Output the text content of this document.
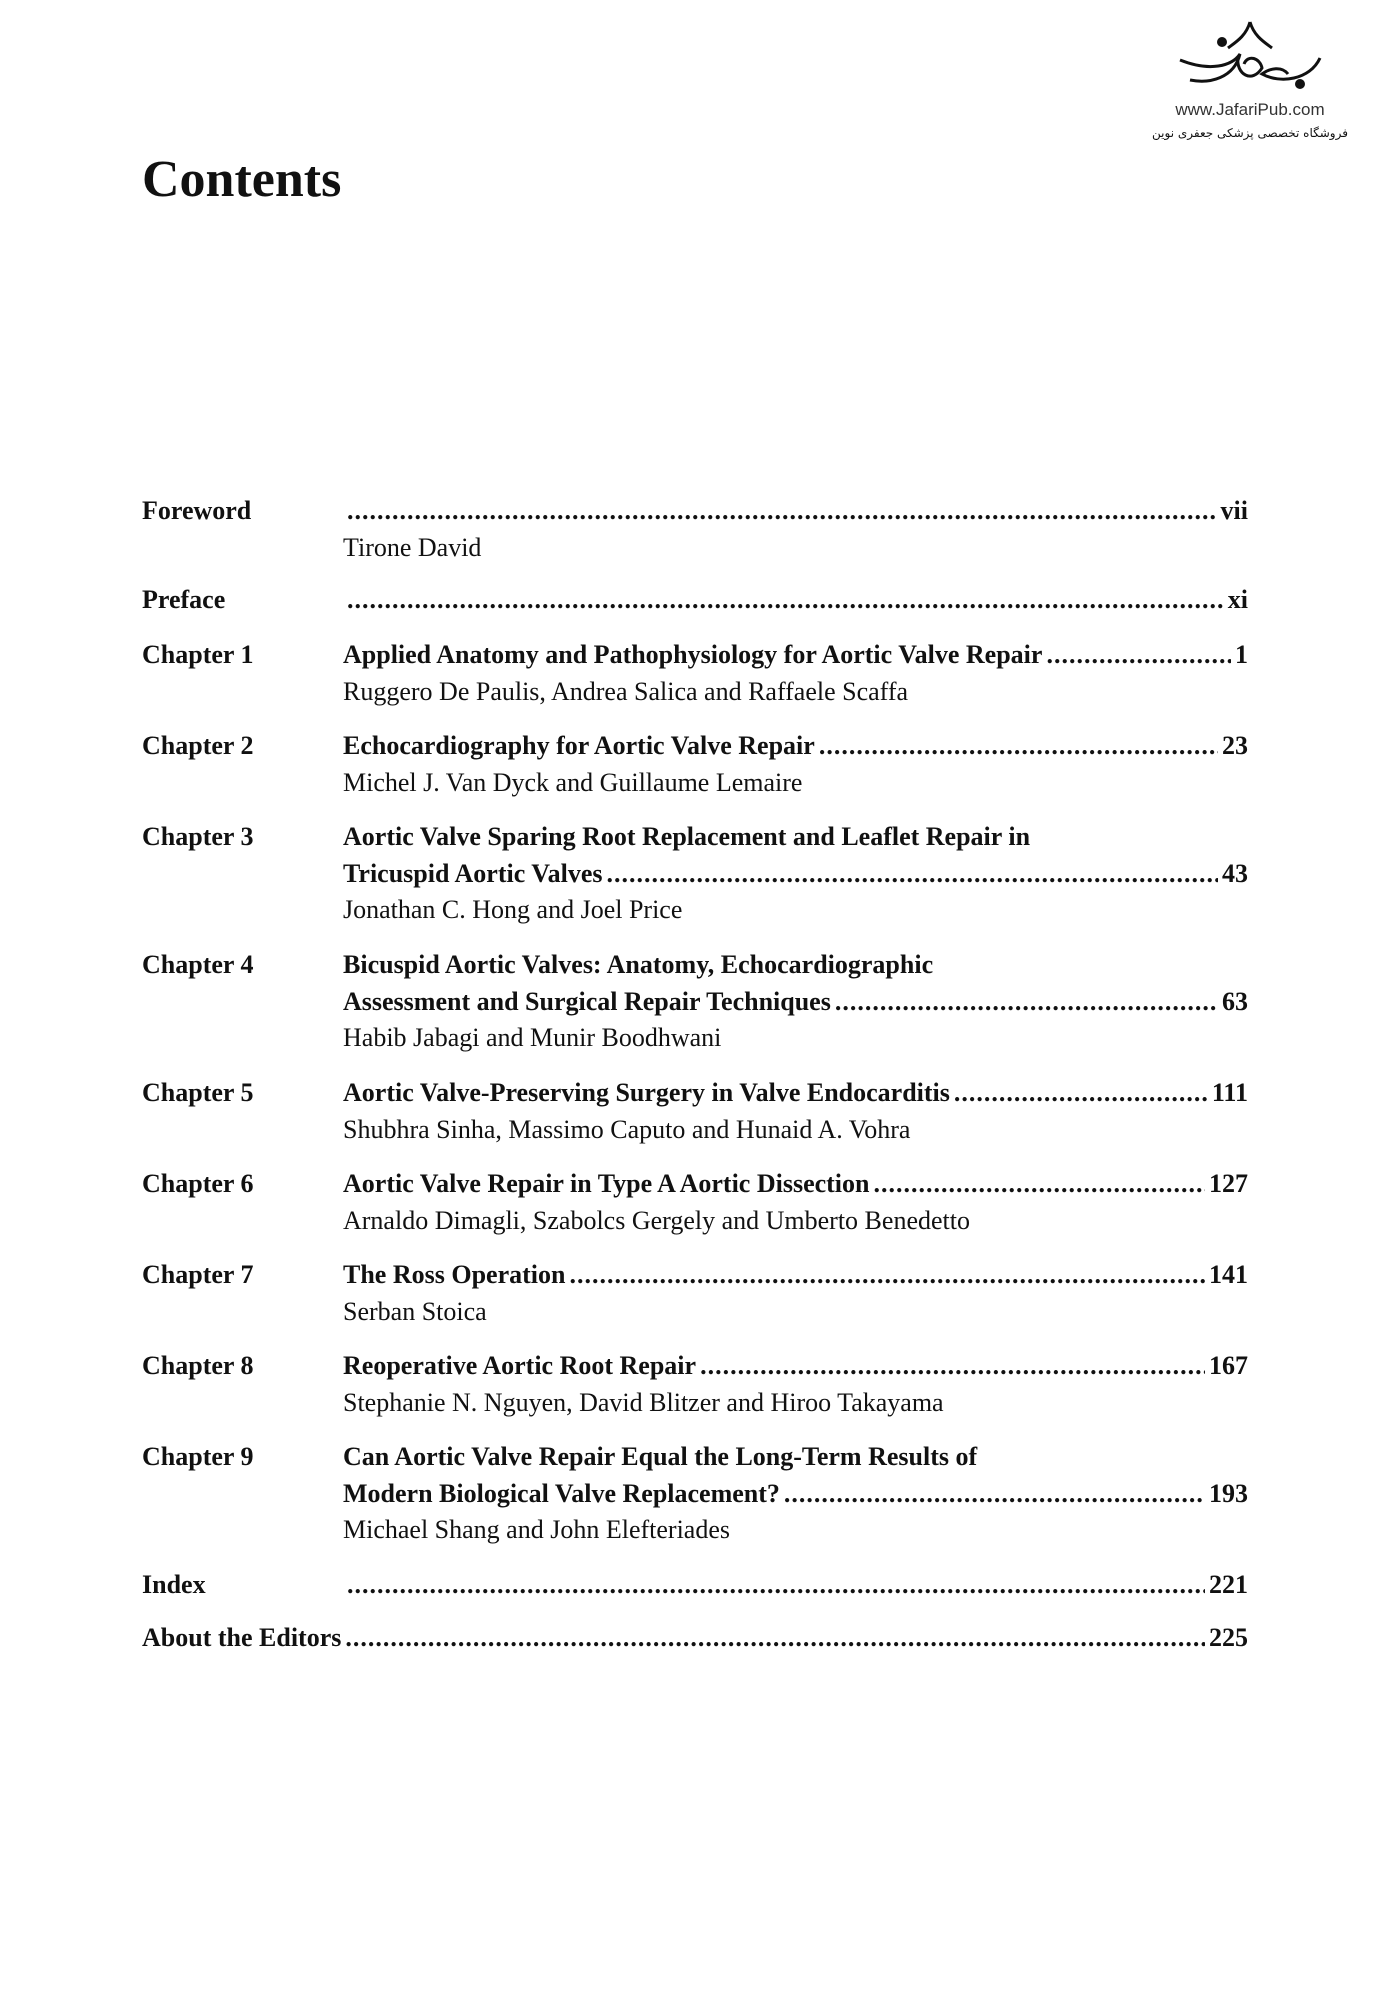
Contents
www.JafariPub.com
فروشگاه تخصصی پزشکی جعفری نوین
Foreword .....	vii
Tirone David
Preface .....	xi
Chapter 1	Applied Anatomy and Pathophysiology for Aortic Valve Repair .....	1
Ruggero De Paulis, Andrea Salica and Raffaele Scaffa
Chapter 2	Echocardiography for Aortic Valve Repair .....	23
Michel J. Van Dyck and Guillaume Lemaire
Chapter 3	Aortic Valve Sparing Root Replacement and Leaflet Repair in
Tricuspid Aortic Valves .....	43
Jonathan C. Hong and Joel Price
Chapter 4	Bicuspid Aortic Valves: Anatomy, Echocardiographic
Assessment and Surgical Repair Techniques .....	63
Habib Jabagi and Munir Boodhwani
Chapter 5	Aortic Valve-Preserving Surgery in Valve Endocarditis .....	111
Shubhra Sinha, Massimo Caputo and Hunaid A. Vohra
Chapter 6	Aortic Valve Repair in Type A Aortic Dissection .....	127
Arnaldo Dimagli, Szabolcs Gergely and Umberto Benedetto
Chapter 7	The Ross Operation .....	141
Serban Stoica
Chapter 8	Reoperative Aortic Root Repair .....	167
Stephanie N. Nguyen, David Blitzer and Hiroo Takayama
Chapter 9	Can Aortic Valve Repair Equal the Long-Term Results of
Modern Biological Valve Replacement? .....	193
Michael Shang and John Elefteriades
Index .....	221
About the Editors .....	225
